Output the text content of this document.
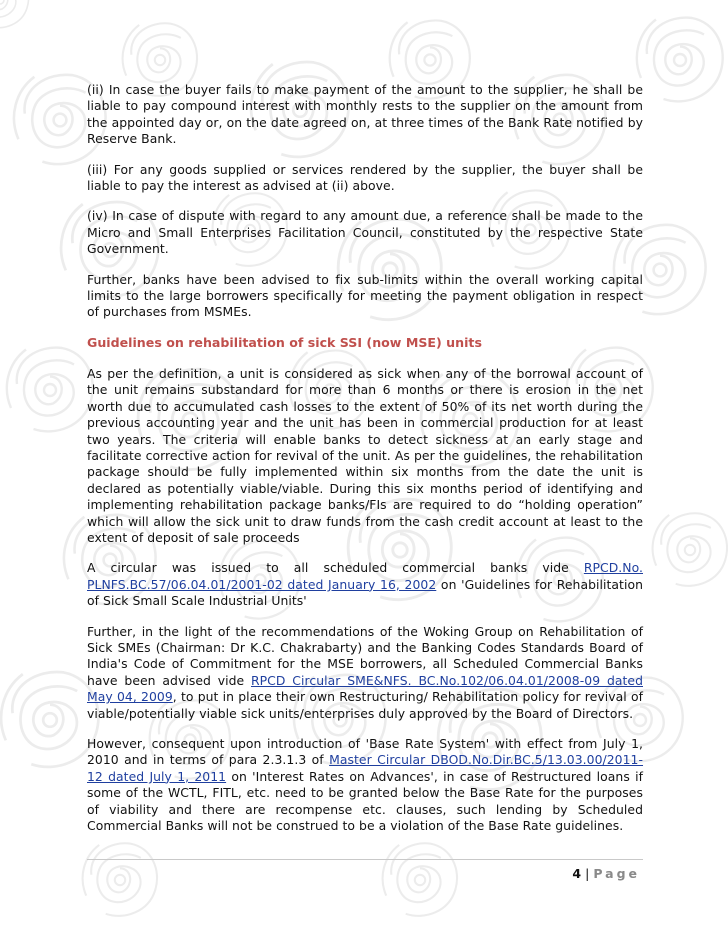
(ii) In case the buyer fails to make payment of the amount to the supplier, he shall be liable to pay compound interest with monthly rests to the supplier on the amount from the appointed day or, on the date agreed on, at three times of the Bank Rate notified by Reserve Bank.

(iii) For any goods supplied or services rendered by the supplier, the buyer shall be liable to pay the interest as advised at (ii) above.

(iv) In case of dispute with regard to any amount due, a reference shall be made to the Micro and Small Enterprises Facilitation Council, constituted by the respective State Government.

Further, banks have been advised to fix sub-limits within the overall working capital limits to the large borrowers specifically for meeting the payment obligation in respect of purchases from MSMEs.

Guidelines on rehabilitation of sick SSI (now MSE) units

As per the definition, a unit is considered as sick when any of the borrowal account of the unit remains substandard for more than 6 months or there is erosion in the net worth due to accumulated cash losses to the extent of 50% of its net worth during the previous accounting year and the unit has been in commercial production for at least two years. The criteria will enable banks to detect sickness at an early stage and facilitate corrective action for revival of the unit. As per the guidelines, the rehabilitation package should be fully implemented within six months from the date the unit is declared as potentially viable/viable. During this six months period of identifying and implementing rehabilitation package banks/FIs are required to do “holding operation” which will allow the sick unit to draw funds from the cash credit account at least to the extent of deposit of sale proceeds

A circular was issued to all scheduled commercial banks vide RPCD.No. PLNFS.BC.57/06.04.01/2001-02 dated January 16, 2002 on 'Guidelines for Rehabilitation of Sick Small Scale Industrial Units'

Further, in the light of the recommendations of the Woking Group on Rehabilitation of Sick SMEs (Chairman: Dr K.C. Chakrabarty) and the Banking Codes Standards Board of India's Code of Commitment for the MSE borrowers, all Scheduled Commercial Banks have been advised vide RPCD Circular SME&NFS. BC.No.102/06.04.01/2008-09 dated May 04, 2009, to put in place their own Restructuring/ Rehabilitation policy for revival of viable/potentially viable sick units/enterprises duly approved by the Board of Directors.

However, consequent upon introduction of 'Base Rate System' with effect from July 1, 2010 and in terms of para 2.3.1.3 of Master Circular DBOD.No.Dir.BC.5/13.03.00/2011-12 dated July 1, 2011 on 'Interest Rates on Advances', in case of Restructured loans if some of the WCTL, FITL, etc. need to be granted below the Base Rate for the purposes of viability and there are recompense etc. clauses, such lending by Scheduled Commercial Banks will not be construed to be a violation of the Base Rate guidelines.

4 | Page
